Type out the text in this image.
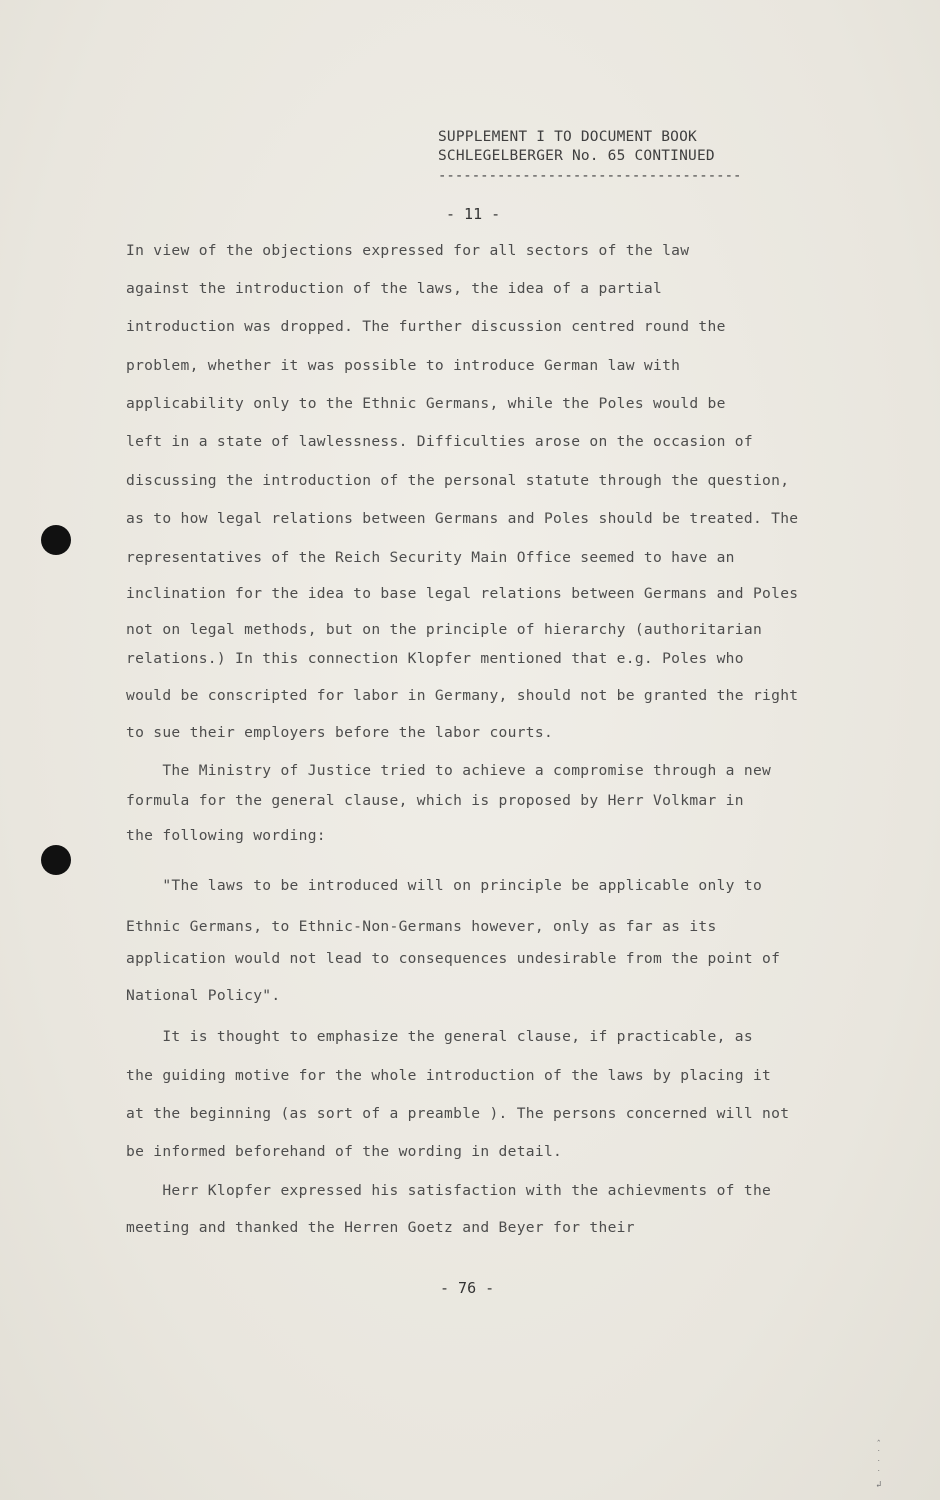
SUPPLEMENT I TO DOCUMENT BOOK
SCHLEGELBERGER No. 65 CONTINUED
------------------------------------
- 11 -
In view of the objections expressed for all sectors of the law
against the introduction of the laws, the idea of a partial
introduction was dropped. The further discussion centred round the
problem, whether it was possible to introduce German law with
applicability only to the Ethnic Germans, while the Poles would be
left in a state of lawlessness. Difficulties arose on the occasion of
discussing the introduction of the personal statute through the question,
as to how legal relations between Germans and Poles should be treated. The
representatives of the Reich Security Main Office seemed to have an
inclination for the idea to base legal relations between Germans and Poles
not on legal methods, but on the principle of hierarchy (authoritarian
relations.) In this connection Klopfer mentioned that e.g. Poles who
would be conscripted for labor in Germany, should not be granted the right
to sue their employers before the labor courts.
The Ministry of Justice tried to achieve a compromise through a new
formula for the general clause, which is proposed by Herr Volkmar in
the following wording:
"The laws to be introduced will on principle be applicable only to
Ethnic Germans, to Ethnic-Non-Germans however, only as far as its
application would not lead to consequences undesirable from the point of
National Policy".
It is thought to emphasize the general clause, if practicable, as
the guiding motive for the whole introduction of the laws by placing it
at the beginning (as sort of a preamble ). The persons concerned will not
be informed beforehand of the wording in detail.
Herr Klopfer expressed his satisfaction with the achievments of the
meeting and thanked the Herren Goetz and Beyer for their
- 76 -
ˆ
˙
˙
˙
↲
